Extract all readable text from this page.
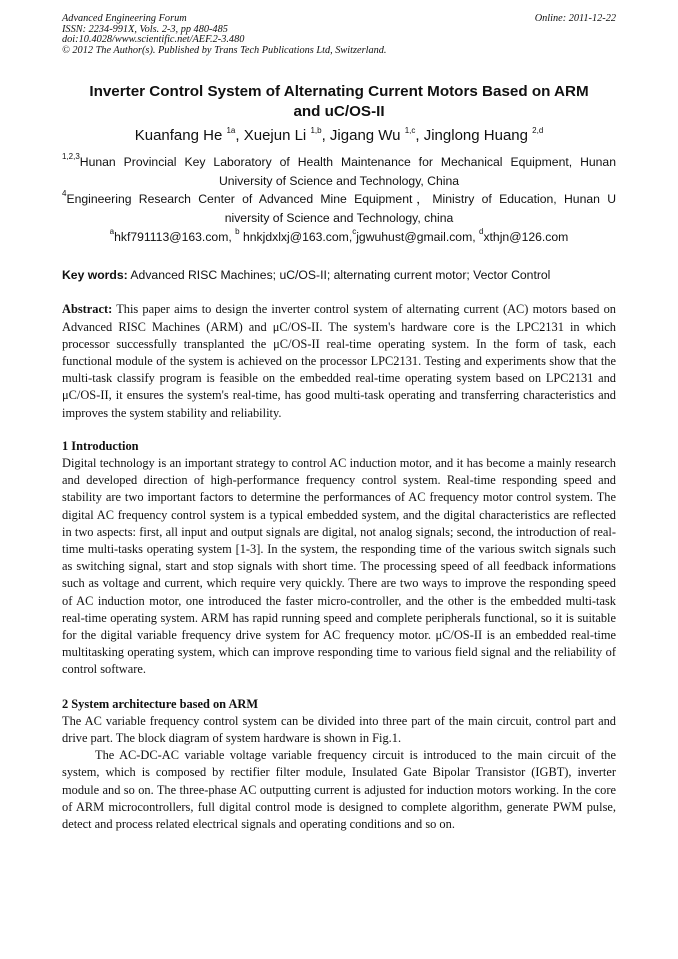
Advanced Engineering Forum	Online: 2011-12-22
ISSN: 2234-991X, Vols. 2-3, pp 480-485
doi:10.4028/www.scientific.net/AEF.2-3.480
© 2012 The Author(s). Published by Trans Tech Publications Ltd, Switzerland.
Inverter Control System of Alternating Current Motors Based on ARM and uC/OS-II
Kuanfang He $^{1a}$, Xuejun Li $^{1,b}$, Jigang Wu $^{1,c}$, Jinglong Huang $^{2,d}$
$^{1,2,3}$Hunan Provincial Key Laboratory of Health Maintenance for Mechanical Equipment, Hunan
University of Science and Technology, China
$^4$Engineering Research Center of Advanced Mine Equipment，Ministry of Education, Hunan U
niversity of Science and Technology, china
$^a$hkf791113@163.com, $^b$ hnkjdxlxj@163.com,$^c$jgwuhust@gmail.com, $^d$xthjn@126.com
Key words: Advanced RISC Machines; uC/OS-II; alternating current motor; Vector Control
Abstract: This paper aims to design the inverter control system of alternating current (AC) motors based on Advanced RISC Machines (ARM) and μC/OS-II. The system's hardware core is the LPC2131 in which processor successfully transplanted the μC/OS-II real-time operating system. In the form of task, each functional module of the system is achieved on the processor LPC2131. Testing and experiments show that the multi-task classify program is feasible on the embedded real-time operating system based on LPC2131 and μC/OS-II, it ensures the system's real-time, has good multi-task operating and transferring characteristics and improves the system stability and reliability.
1 Introduction
Digital technology is an important strategy to control AC induction motor, and it has become a mainly research and developed direction of high-performance frequency control system. Real-time responding speed and stability are two important factors to determine the performances of AC frequency motor control system. The digital AC frequency control system is a typical embedded system, and the digital characteristics are reflected in two aspects: first, all input and output signals are digital, not analog signals; second, the introduction of real-time multi-tasks operating system [1-3]. In the system, the responding time of the various switch signals such as switching signal, start and stop signals with short time. The processing speed of all feedback informations such as voltage and current, which require very quickly. There are two ways to improve the responding speed of AC induction motor, one introduced the faster micro-controller, and the other is the embedded multi-task real-time operating system. ARM has rapid running speed and complete peripherals functional, so it is suitable for the digital variable frequency drive system for AC frequency motor. μC/OS-II is an embedded real-time multitasking operating system, which can improve responding time to various field signal and the reliability of control software.
2 System architecture based on ARM
The AC variable frequency control system can be divided into three part of the main circuit, control part and drive part. The block diagram of system hardware is shown in Fig.1.
The AC-DC-AC variable voltage variable frequency circuit is introduced to the main circuit of the system, which is composed by rectifier filter module, Insulated Gate Bipolar Transistor (IGBT), inverter module and so on. The three-phase AC outputting current is adjusted for induction motors working. In the core of ARM microcontrollers, full digital control mode is designed to complete algorithm, generate PWM pulse, detect and process related electrical signals and operating conditions and so on.
